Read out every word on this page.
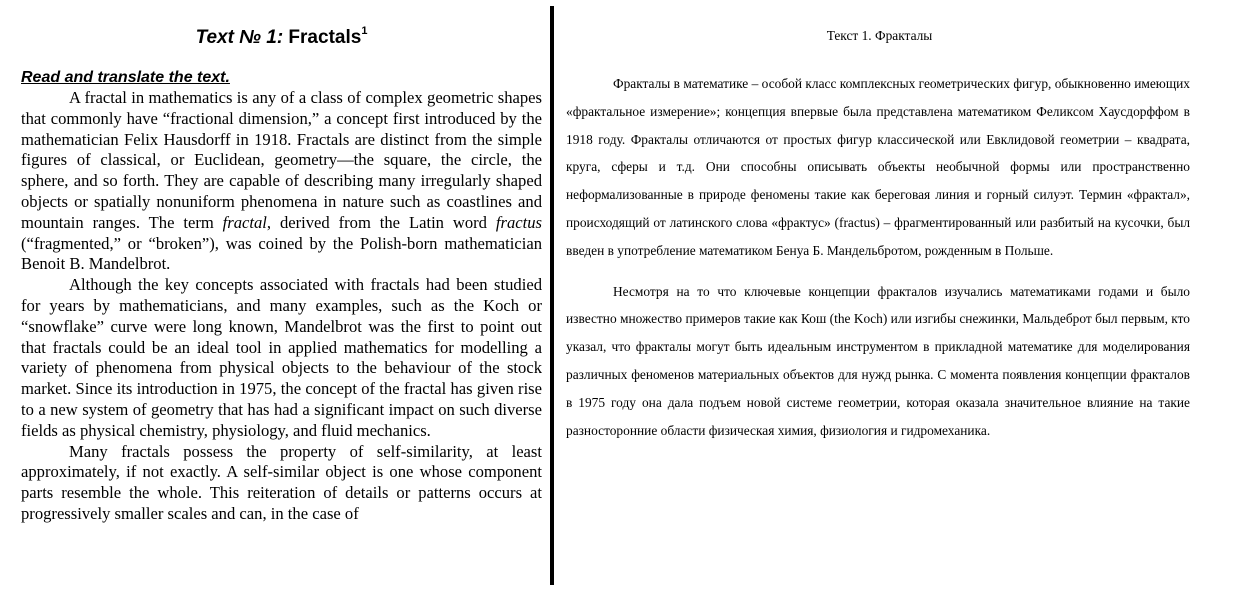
Text № 1: Fractals$^1$

Read and translate the text.

A fractal in mathematics is any of a class of complex geometric shapes that commonly have “fractional dimension,” a concept first introduced by the mathematician Felix Hausdorff in 1918. Fractals are distinct from the simple figures of classical, or Euclidean, geometry—the square, the circle, the sphere, and so forth. They are capable of describing many irregularly shaped objects or spatially nonuniform phenomena in nature such as coastlines and mountain ranges. The term fractal, derived from the Latin word fractus (“fragmented,” or “broken”), was coined by the Polish-born mathematician Benoit B. Mandelbrot.

Although the key concepts associated with fractals had been studied for years by mathematicians, and many examples, such as the Koch or “snowflake” curve were long known, Mandelbrot was the first to point out that fractals could be an ideal tool in applied mathematics for modelling a variety of phenomena from physical objects to the behaviour of the stock market. Since its introduction in 1975, the concept of the fractal has given rise to a new system of geometry that has had a significant impact on such diverse fields as physical chemistry, physiology, and fluid mechanics.

Many fractals possess the property of self-similarity, at least approximately, if not exactly. A self-similar object is one whose component parts resemble the whole. This reiteration of details or patterns occurs at progressively smaller scales and can, in the case of

Текст 1. Фракталы

Фракталы в математике – особой класс комплексных геометрических фигур, обыкновенно имеющих «фрактальное измерение»; концепция впервые была представлена математиком Феликсом Хаусдорффом в 1918 году. Фракталы отличаются от простых фигур классической или Евклидовой геометрии – квадрата, круга, сферы и т.д. Они способны описывать объекты необычной формы или пространственно неформализованные в природе феномены такие как береговая линия и горный силуэт. Термин «фрактал», происходящий от латинского слова «фрактус» (fractus) – фрагментированный или разбитый на кусочки, был введен в употребление математиком Бенуа Б. Мандельбротом, рожденным в Польше.

Несмотря на то что ключевые концепции фракталов изучались математиками годами и было известно множество примеров такие как Кош (the Koch) или изгибы снежинки, Мальдеброт был первым, кто указал, что фракталы могут быть идеальным инструментом в прикладной математике для моделирования различных феноменов материальных объектов для нужд рынка. С момента появления концепции фракталов в 1975 году она дала подъем новой системе геометрии, которая оказала значительное влияние на такие разносторонние области физическая химия, физиология и гидромеханика.
